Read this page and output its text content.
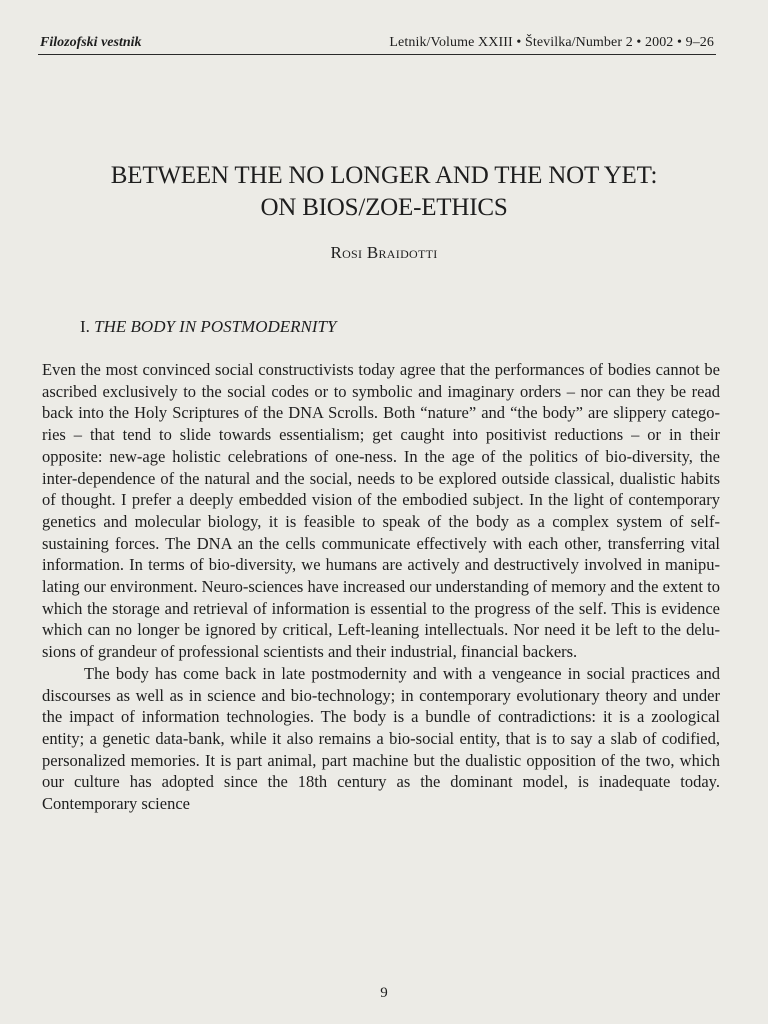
Filozofski vestnik	Letnik/Volume XXIII • Številka/Number 2 • 2002 • 9–26
BETWEEN THE NO LONGER AND THE NOT YET:
ON BIOS/ZOE-ETHICS
Rosi Braidotti
I. THE BODY IN POSTMODERNITY

Even the most convinced social constructivists today agree that the performances of bodies cannot be ascribed exclusively to the social codes or to symbolic and imaginary orders – nor can they be read back into the Holy Scriptures of the DNA Scrolls. Both “nature” and “the body” are slippery categories – that tend to slide towards essentialism; get caught into positivist reductions – or in their opposite: new-age holistic celebrations of one-ness. In the age of the politics of bio-diversity, the inter-dependence of the natural and the social, needs to be explored outside classical, dualistic habits of thought. I prefer a deeply embedded vision of the embodied subject. In the light of contemporary genetics and molecular biology, it is feasible to speak of the body as a complex system of self-sustaining forces. The DNA an the cells communicate effectively with each other, transferring vital information. In terms of bio-diversity, we humans are actively and destructively involved in manipulating our environment. Neuro-sciences have increased our understanding of memory and the extent to which the storage and retrieval of information is essential to the progress of the self. This is evidence which can no longer be ignored by critical, Left-leaning intellectuals. Nor need it be left to the delusions of grandeur of professional scientists and their industrial, financial backers.

The body has come back in late postmodernity and with a vengeance in social practices and discourses as well as in science and bio-technology; in contemporary evolutionary theory and under the impact of information technologies. The body is a bundle of contradictions: it is a zoological entity; a genetic data-bank, while it also remains a bio-social entity, that is to say a slab of codified, personalized memories. It is part animal, part machine but the dualistic opposition of the two, which our culture has adopted since the 18th century as the dominant model, is inadequate today. Contemporary science

9
